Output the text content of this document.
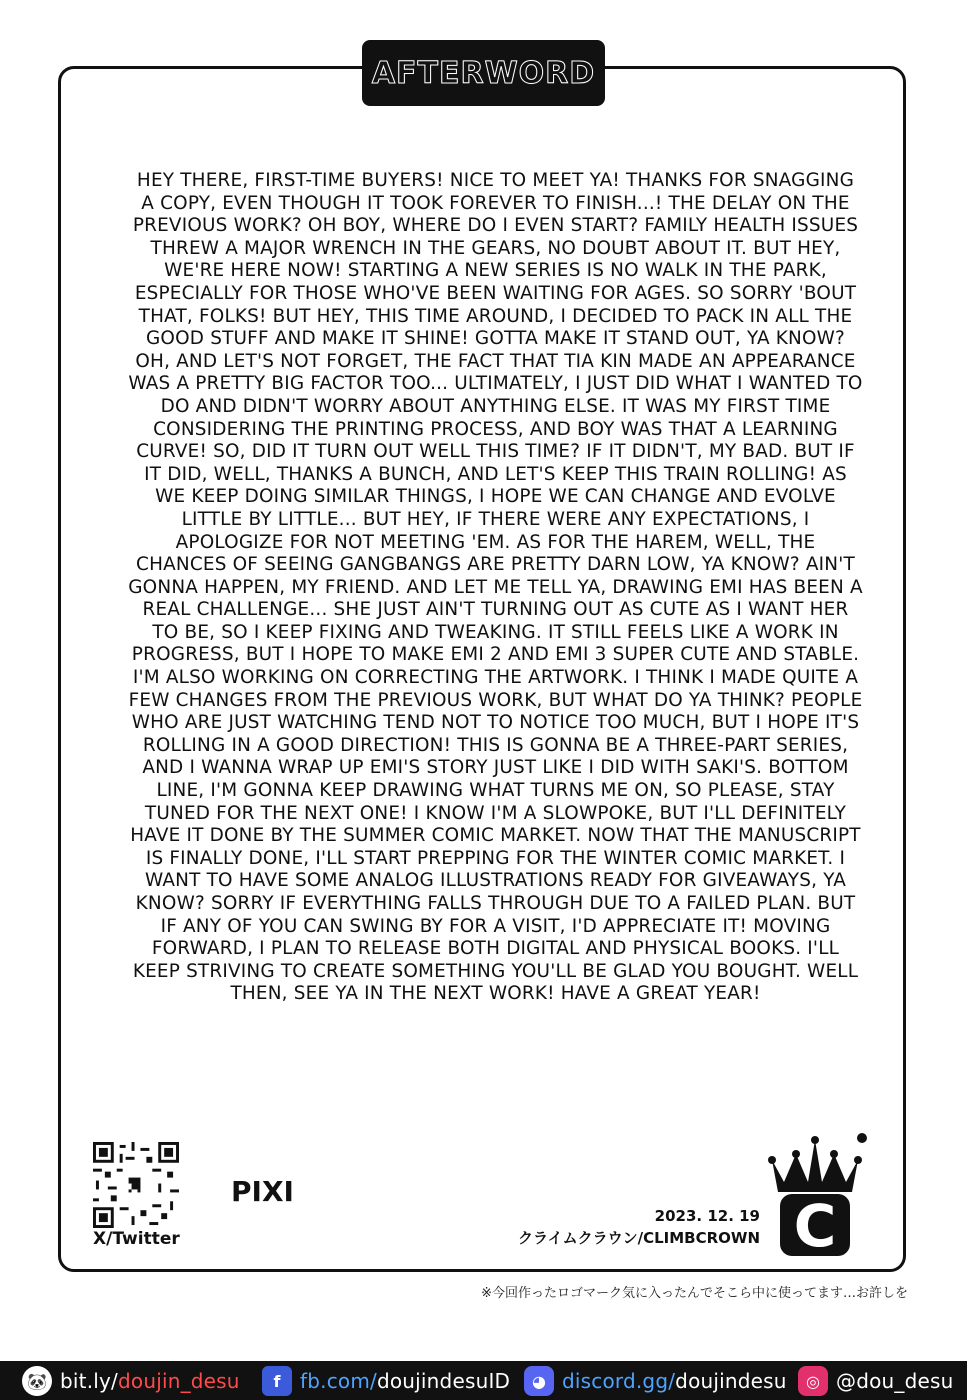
AFTERWORD
HEY THERE, FIRST-TIME BUYERS! NICE TO MEET YA! THANKS FOR SNAGGING A COPY, EVEN THOUGH IT TOOK FOREVER TO FINISH...! THE DELAY ON THE PREVIOUS WORK? OH BOY, WHERE DO I EVEN START? FAMILY HEALTH ISSUES THREW A MAJOR WRENCH IN THE GEARS, NO DOUBT ABOUT IT. BUT HEY, WE'RE HERE NOW! STARTING A NEW SERIES IS NO WALK IN THE PARK, ESPECIALLY FOR THOSE WHO'VE BEEN WAITING FOR AGES. SO SORRY 'BOUT THAT, FOLKS! BUT HEY, THIS TIME AROUND, I DECIDED TO PACK IN ALL THE GOOD STUFF AND MAKE IT SHINE! GOTTA MAKE IT STAND OUT, YA KNOW? OH, AND LET'S NOT FORGET, THE FACT THAT TIA KIN MADE AN APPEARANCE WAS A PRETTY BIG FACTOR TOO... ULTIMATELY, I JUST DID WHAT I WANTED TO DO AND DIDN'T WORRY ABOUT ANYTHING ELSE. IT WAS MY FIRST TIME CONSIDERING THE PRINTING PROCESS, AND BOY WAS THAT A LEARNING CURVE! SO, DID IT TURN OUT WELL THIS TIME? IF IT DIDN'T, MY BAD. BUT IF IT DID, WELL, THANKS A BUNCH, AND LET'S KEEP THIS TRAIN ROLLING! AS WE KEEP DOING SIMILAR THINGS, I HOPE WE CAN CHANGE AND EVOLVE LITTLE BY LITTLE... BUT HEY, IF THERE WERE ANY EXPECTATIONS, I APOLOGIZE FOR NOT MEETING 'EM. AS FOR THE HAREM, WELL, THE CHANCES OF SEEING GANGBANGS ARE PRETTY DARN LOW, YA KNOW? AIN'T GONNA HAPPEN, MY FRIEND. AND LET ME TELL YA, DRAWING EMI HAS BEEN A REAL CHALLENGE... SHE JUST AIN'T TURNING OUT AS CUTE AS I WANT HER TO BE, SO I KEEP FIXING AND TWEAKING. IT STILL FEELS LIKE A WORK IN PROGRESS, BUT I HOPE TO MAKE EMI 2 AND EMI 3 SUPER CUTE AND STABLE. I'M ALSO WORKING ON CORRECTING THE ARTWORK. I THINK I MADE QUITE A FEW CHANGES FROM THE PREVIOUS WORK, BUT WHAT DO YA THINK? PEOPLE WHO ARE JUST WATCHING TEND NOT TO NOTICE TOO MUCH, BUT I HOPE IT'S ROLLING IN A GOOD DIRECTION! THIS IS GONNA BE A THREE-PART SERIES, AND I WANNA WRAP UP EMI'S STORY JUST LIKE I DID WITH SAKI'S. BOTTOM LINE, I'M GONNA KEEP DRAWING WHAT TURNS ME ON, SO PLEASE, STAY TUNED FOR THE NEXT ONE! I KNOW I'M A SLOWPOKE, BUT I'LL DEFINITELY HAVE IT DONE BY THE SUMMER COMIC MARKET. NOW THAT THE MANUSCRIPT IS FINALLY DONE, I'LL START PREPPING FOR THE WINTER COMIC MARKET. I WANT TO HAVE SOME ANALOG ILLUSTRATIONS READY FOR GIVEAWAYS, YA KNOW? SORRY IF EVERYTHING FALLS THROUGH DUE TO A FAILED PLAN. BUT IF ANY OF YOU CAN SWING BY FOR A VISIT, I'D APPRECIATE IT! MOVING FORWARD, I PLAN TO RELEASE BOTH DIGITAL AND PHYSICAL BOOKS. I'LL KEEP STRIVING TO CREATE SOMETHING YOU'LL BE GLAD YOU BOUGHT. WELL THEN, SEE YA IN THE NEXT WORK! HAVE A GREAT YEAR!
X/Twitter
PIXI
2023. 12. 19
クライムクラウン/CLIMBCROWN C
※今回作ったロゴマーク気に入ったんでそこら中に使ってます…お許しを
🐼 bit.ly/doujin_desu	f fb.com/doujindesuID	◕ discord.gg/doujindesu	◎ @dou_desu
